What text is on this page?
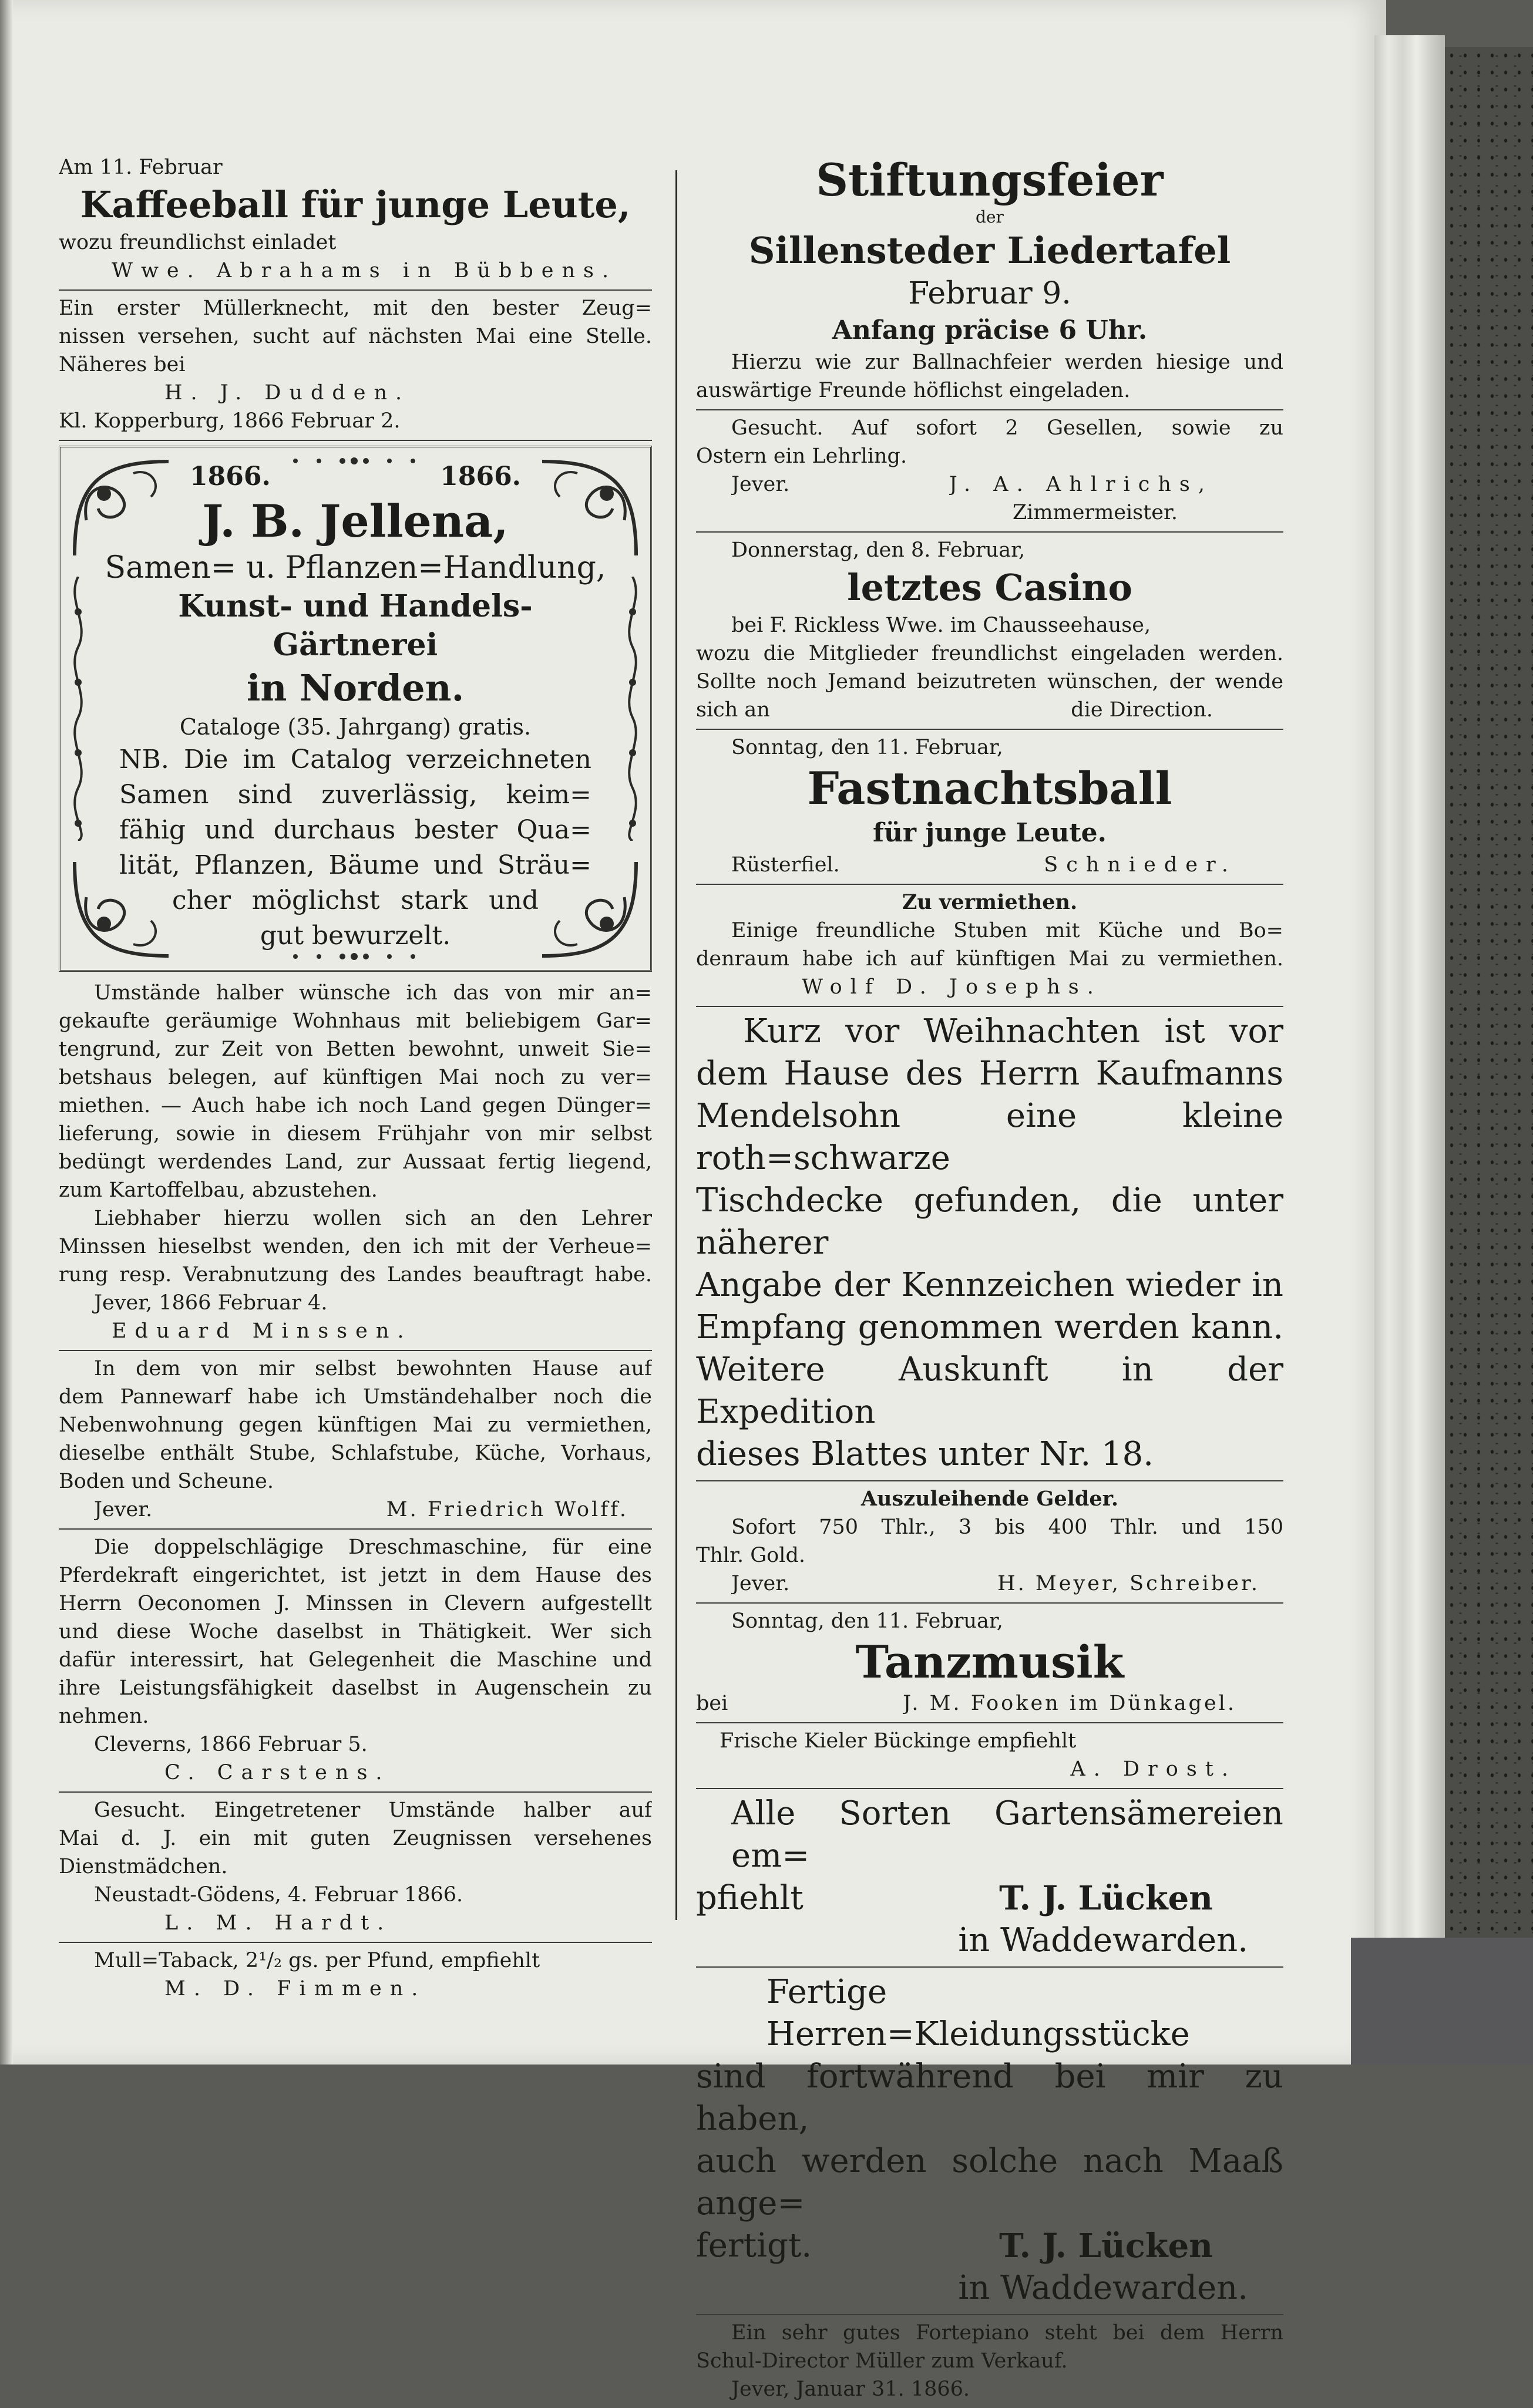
Am 11. Februar
Kaffeeball für junge Leute,
wozu freundlichst einladet
Wwe. Abrahams in Bübbens.
Ein erster Müllerknecht, mit den bester Zeug=
nissen versehen, sucht auf nächsten Mai eine Stelle.
Näheres bei
H. J. Dudden.
Kl. Kopperburg, 1866 Februar 2.
1866.	1866.
J. B. Jellena,
Samen= u. Pflanzen=Handlung,
Kunst- und Handels-Gärtnerei
in Norden.
Cataloge (35. Jahrgang) gratis.
NB. Die im Catalog verzeichneten
Samen sind zuverlässig, keim=
fähig und durchaus bester Qua=
lität, Pflanzen, Bäume und Sträu=
cher möglichst stark und
gut bewurzelt.
Umstände halber wünsche ich das von mir an=
gekaufte geräumige Wohnhaus mit beliebigem Gar=
tengrund, zur Zeit von Betten bewohnt, unweit Sie=
betshaus belegen, auf künftigen Mai noch zu ver=
miethen. — Auch habe ich noch Land gegen Dünger=
lieferung, sowie in diesem Frühjahr von mir selbst
bedüngt werdendes Land, zur Aussaat fertig liegend,
zum Kartoffelbau, abzustehen.
Liebhaber hierzu wollen sich an den Lehrer
Minssen hieselbst wenden, den ich mit der Verheue=
rung resp. Verabnutzung des Landes beauftragt habe.
Jever, 1866 Februar 4.
Eduard Minssen.
In dem von mir selbst bewohnten Hause auf
dem Pannewarf habe ich Umständehalber noch die
Nebenwohnung gegen künftigen Mai zu vermiethen,
dieselbe enthält Stube, Schlafstube, Küche, Vorhaus,
Boden und Scheune.
Jever.	M. Friedrich Wolff.
Die doppelschlägige Dreschmaschine, für eine
Pferdekraft eingerichtet, ist jetzt in dem Hause des
Herrn Oeconomen J. Minssen in Clevern aufgestellt
und diese Woche daselbst in Thätigkeit. Wer sich
dafür interessirt, hat Gelegenheit die Maschine und
ihre Leistungsfähigkeit daselbst in Augenschein zu
nehmen.
Cleverns, 1866 Februar 5.
C. Carstens.
Gesucht. Eingetretener Umstände halber auf
Mai d. J. ein mit guten Zeugnissen versehenes
Dienstmädchen.
Neustadt-Gödens, 4. Februar 1866.
L. M. Hardt.
Mull=Taback, 2¹/₂ gs. per Pfund, empfiehlt
M. D. Fimmen.
Stiftungsfeier
der
Sillensteder Liedertafel
Februar 9.
Anfang präcise 6 Uhr.
Hierzu wie zur Ballnachfeier werden hiesige und
auswärtige Freunde höflichst eingeladen.
Gesucht. Auf sofort 2 Gesellen, sowie zu
Ostern ein Lehrling.
Jever.	J. A. Ahlrichs,
Zimmermeister.
Donnerstag, den 8. Februar,
letztes Casino
bei F. Rickless Wwe. im Chausseehause,
wozu die Mitglieder freundlichst eingeladen werden.
Sollte noch Jemand beizutreten wünschen, der wende
sich an	die Direction.
Sonntag, den 11. Februar,
Fastnachtsball
für junge Leute.
Rüsterfiel.	Schnieder.
Zu vermiethen.
Einige freundliche Stuben mit Küche und Bo=
denraum habe ich auf künftigen Mai zu vermiethen.
Wolf D. Josephs.
Kurz vor Weihnachten ist vor
dem Hause des Herrn Kaufmanns
Mendelsohn eine kleine roth=schwarze
Tischdecke gefunden, die unter näherer
Angabe der Kennzeichen wieder in
Empfang genommen werden kann.
Weitere Auskunft in der Expedition
dieses Blattes unter Nr. 18.
Auszuleihende Gelder.
Sofort 750 Thlr., 3 bis 400 Thlr. und 150
Thlr. Gold.
Jever.	H. Meyer, Schreiber.
Sonntag, den 11. Februar,
Tanzmusik
bei	J. M. Fooken im Dünkagel.
Frische Kieler Bückinge empfiehlt
A. Drost.
Alle Sorten Gartensämereien em=
pfiehlt	T. J. Lücken
in Waddewarden.
Fertige Herren=Kleidungsstücke
sind fortwährend bei mir zu haben,
auch werden solche nach Maaß ange=
fertigt.	T. J. Lücken
in Waddewarden.
Ein sehr gutes Fortepiano steht bei dem Herrn
Schul-Director Müller zum Verkauf.
Jever, Januar 31. 1866.
